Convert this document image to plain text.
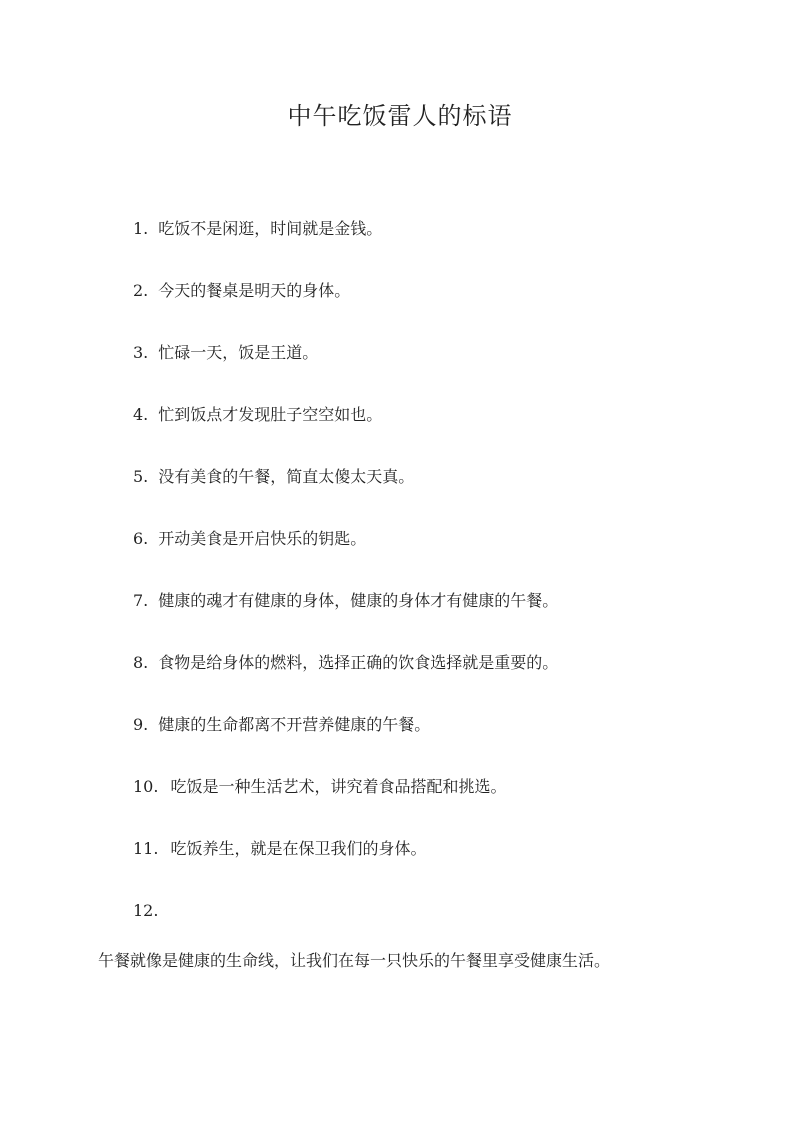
中午吃饭雷人的标语
1. 吃饭不是闲逛，时间就是金钱。
2. 今天的餐桌是明天的身体。
3. 忙碌一天，饭是王道。
4. 忙到饭点才发现肚子空空如也。
5. 没有美食的午餐，简直太傻太天真。
6. 开动美食是开启快乐的钥匙。
7. 健康的魂才有健康的身体，健康的身体才有健康的午餐。
8. 食物是给身体的燃料，选择正确的饮食选择就是重要的。
9. 健康的生命都离不开营养健康的午餐。
10. 吃饭是一种生活艺术，讲究着食品搭配和挑选。
11. 吃饭养生，就是在保卫我们的身体。
12.

午餐就像是健康的生命线，让我们在每一只快乐的午餐里享受健康生活。
